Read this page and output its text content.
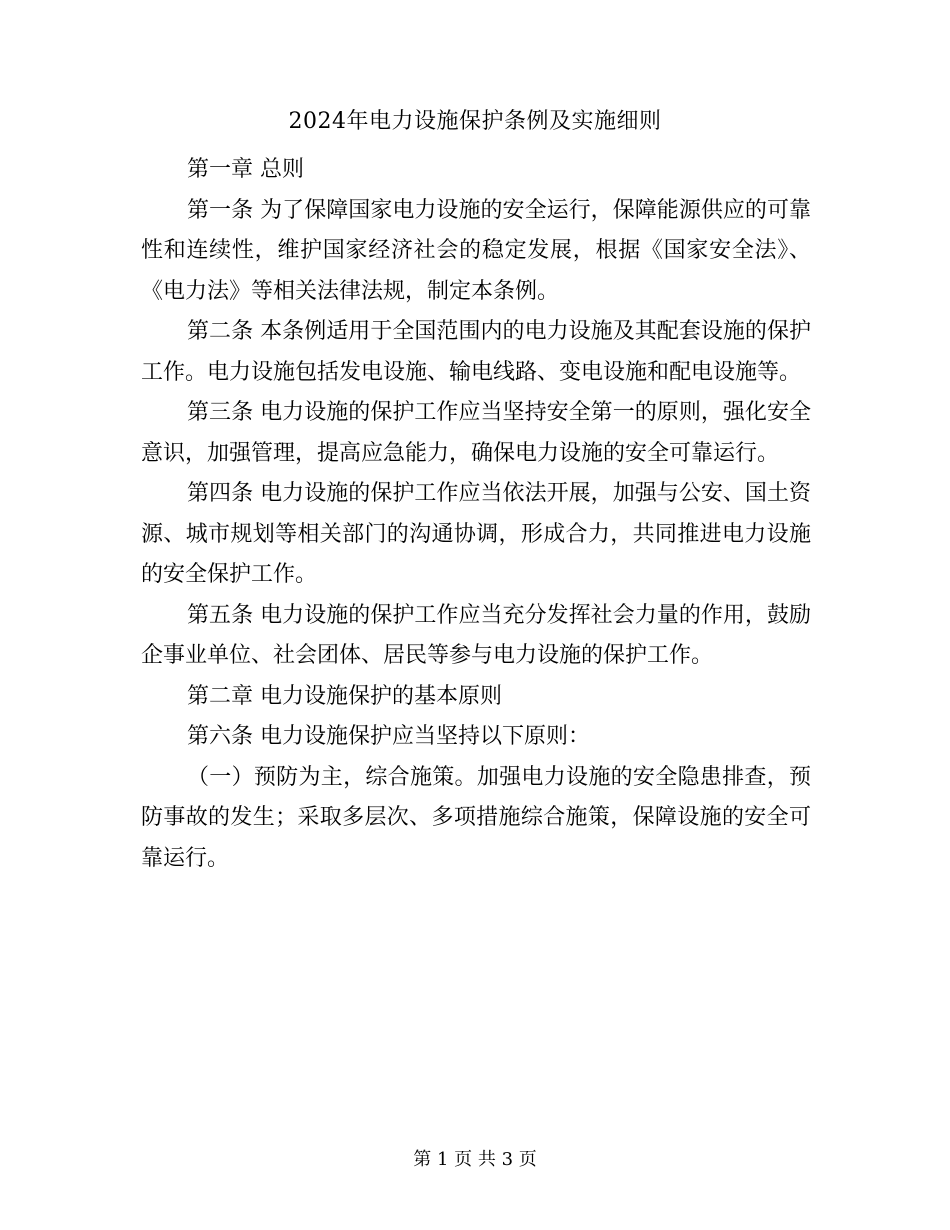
2024年电力设施保护条例及实施细则

第一章 总则

第一条 为了保障国家电力设施的安全运行，保障能源供应的可靠性和连续性，维护国家经济社会的稳定发展，根据《国家安全法》、《电力法》等相关法律法规，制定本条例。

第二条 本条例适用于全国范围内的电力设施及其配套设施的保护工作。电力设施包括发电设施、输电线路、变电设施和配电设施等。

第三条 电力设施的保护工作应当坚持安全第一的原则，强化安全意识，加强管理，提高应急能力，确保电力设施的安全可靠运行。

第四条 电力设施的保护工作应当依法开展，加强与公安、国土资源、城市规划等相关部门的沟通协调，形成合力，共同推进电力设施的安全保护工作。

第五条 电力设施的保护工作应当充分发挥社会力量的作用，鼓励企事业单位、社会团体、居民等参与电力设施的保护工作。

第二章 电力设施保护的基本原则

第六条 电力设施保护应当坚持以下原则：

（一）预防为主，综合施策。加强电力设施的安全隐患排查，预防事故的发生；采取多层次、多项措施综合施策，保障设施的安全可靠运行。

第 1 页 共 3 页
